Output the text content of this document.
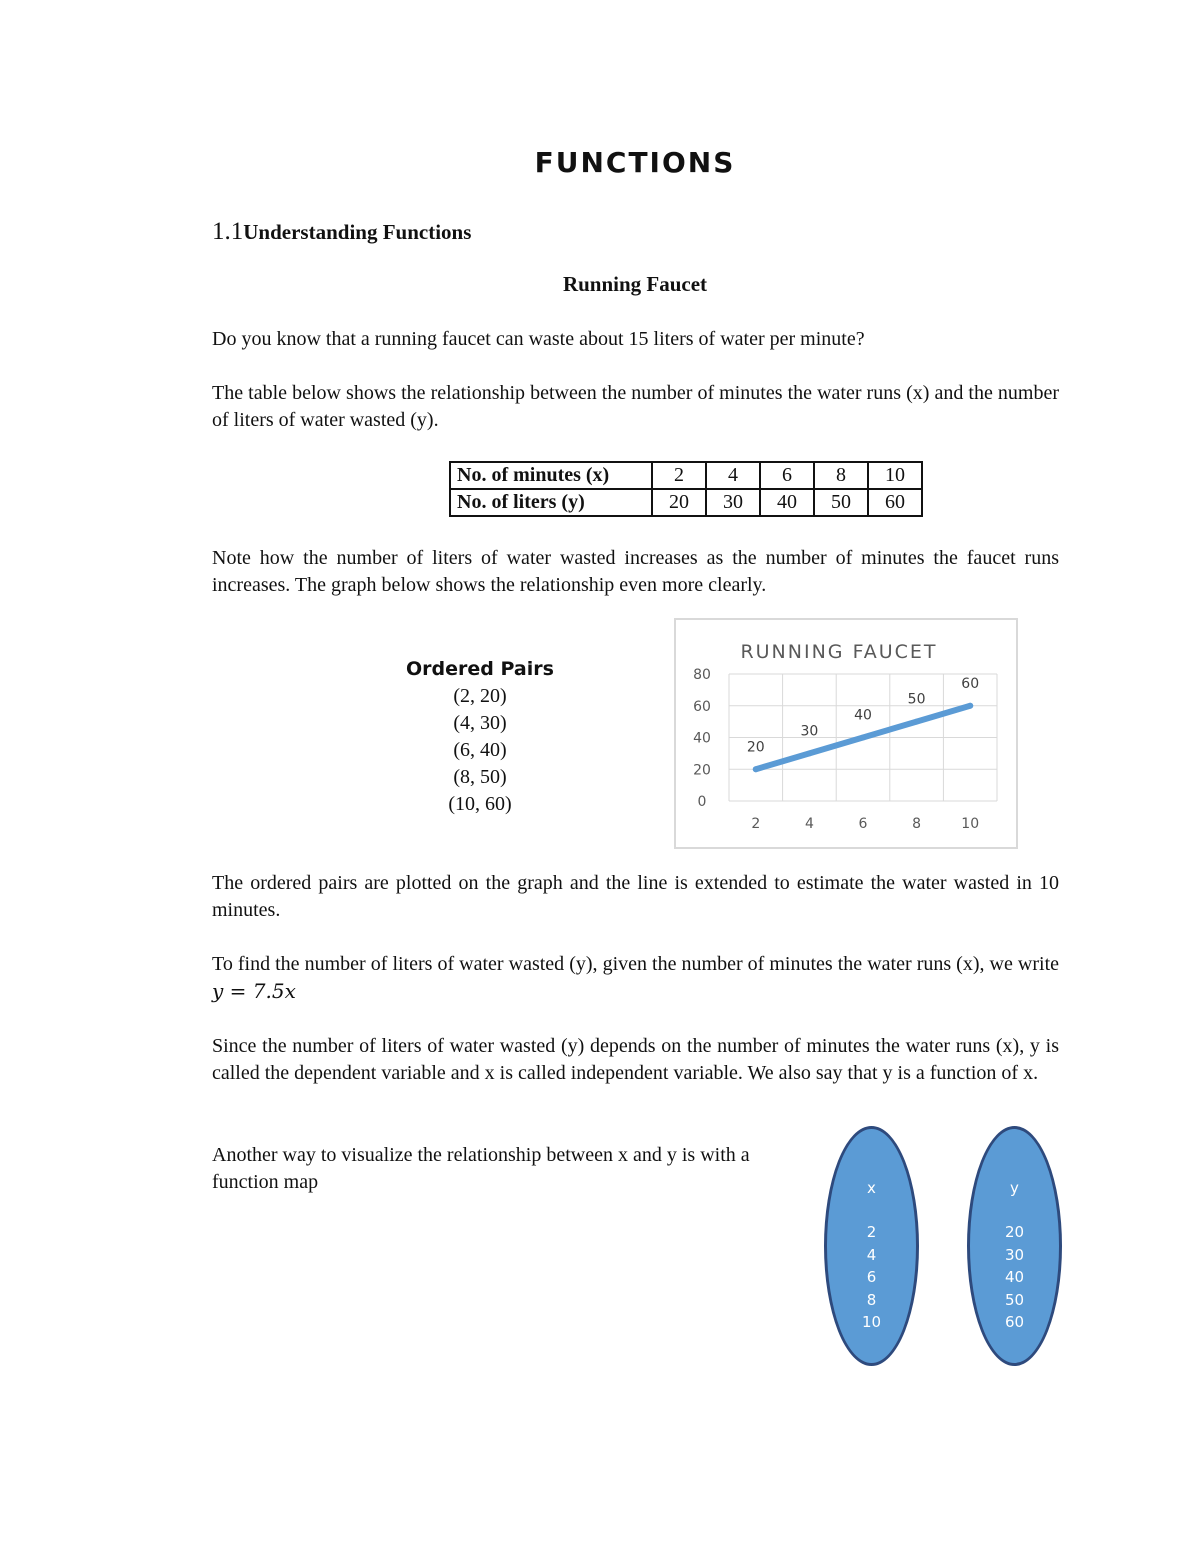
FUNCTIONS
1.1Understanding Functions
Running Faucet
Do you know that a running faucet can waste about 15 liters of water per minute?
The table below shows the relationship between the number of minutes the water runs (x) and the number of liters of water wasted (y).
No. of minutes (x)	2	4	6	8	10
No. of liters (y)	20	30	40	50	60
Note how the number of liters of water wasted increases as the number of minutes the faucet runs increases. The graph below shows the relationship even more clearly.
Ordered Pairs
(2, 20)
(4, 30)
(6, 40)
(8, 50)
(10, 60)
RUNNING FAUCET
0
20
40
60
80
2	4	6	8	10
20
30
40
50
60
The ordered pairs are plotted on the graph and the line is extended to estimate the water wasted in 10 minutes.
To find the number of liters of water wasted (y), given the number of minutes the water runs (x), we write y = 7.5x
Since the number of liters of water wasted (y) depends on the number of minutes the water runs (x), y is called the dependent variable and x is called independent variable. We also say that y is a function of x.
Another way to visualize the relationship between x and y is with a function map	x
2
4
6
8
10
y
20
30
40
50
60
